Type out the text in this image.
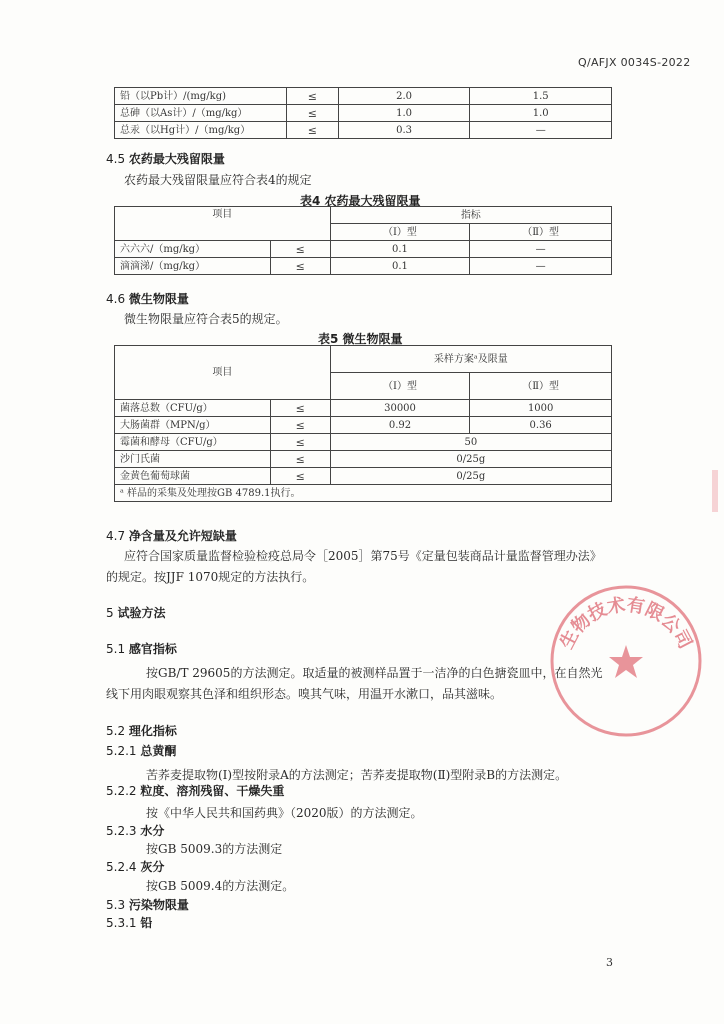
Q/AFJX 0034S-2022
铅（以Pb计）/(mg/kg)	≤	2.0	1.5
总砷（以As计）/（mg/kg）	≤	1.0	1.0
总汞（以Hg计）/（mg/kg）	≤	0.3	—
4.5 农药最大残留限量
农药最大残留限量应符合表4的规定
表4 农药最大残留限量
项目		指标	
		（Ⅰ）型	（Ⅱ）型
六六六/（mg/kg）	≤	0.1	—
滴滴涕/（mg/kg）	≤	0.1	—
4.6 微生物限量
微生物限量应符合表5的规定。
表5 微生物限量
项目		采样方案ᵃ及限量	
		（Ⅰ）型	（Ⅱ）型
菌落总数（CFU/g）	≤	30000	1000
大肠菌群（MPN/g）	≤	0.92	0.36
霉菌和酵母（CFU/g）	≤	50	
沙门氏菌	≤	0/25g	
金黄色葡萄球菌	≤	0/25g	
ᵃ 样品的采集及处理按GB 4789.1执行。			
4.7 净含量及允许短缺量
应符合国家质量监督检验检疫总局令［2005］第75号《定量包装商品计量监督管理办法》
的规定。按JJF 1070规定的方法执行。
5 试验方法
5.1 感官指标
按GB/T 29605的方法测定。取适量的被测样品置于一洁净的白色搪瓷皿中，在自然光
线下用肉眼观察其色泽和组织形态。嗅其气味，用温开水漱口，品其滋味。
5.2 理化指标
5.2.1 总黄酮
苦荞麦提取物(Ⅰ)型按附录A的方法测定；苦荞麦提取物(Ⅱ)型附录B的方法测定。
5.2.2 粒度、溶剂残留、干燥失重
按《中华人民共和国药典》（2020版）的方法测定。
5.2.3 水分
按GB 5009.3的方法测定
5.2.4 灰分
按GB 5009.4的方法测定。
5.3 污染物限量
5.3.1 铅
生物技术有限公司
3
